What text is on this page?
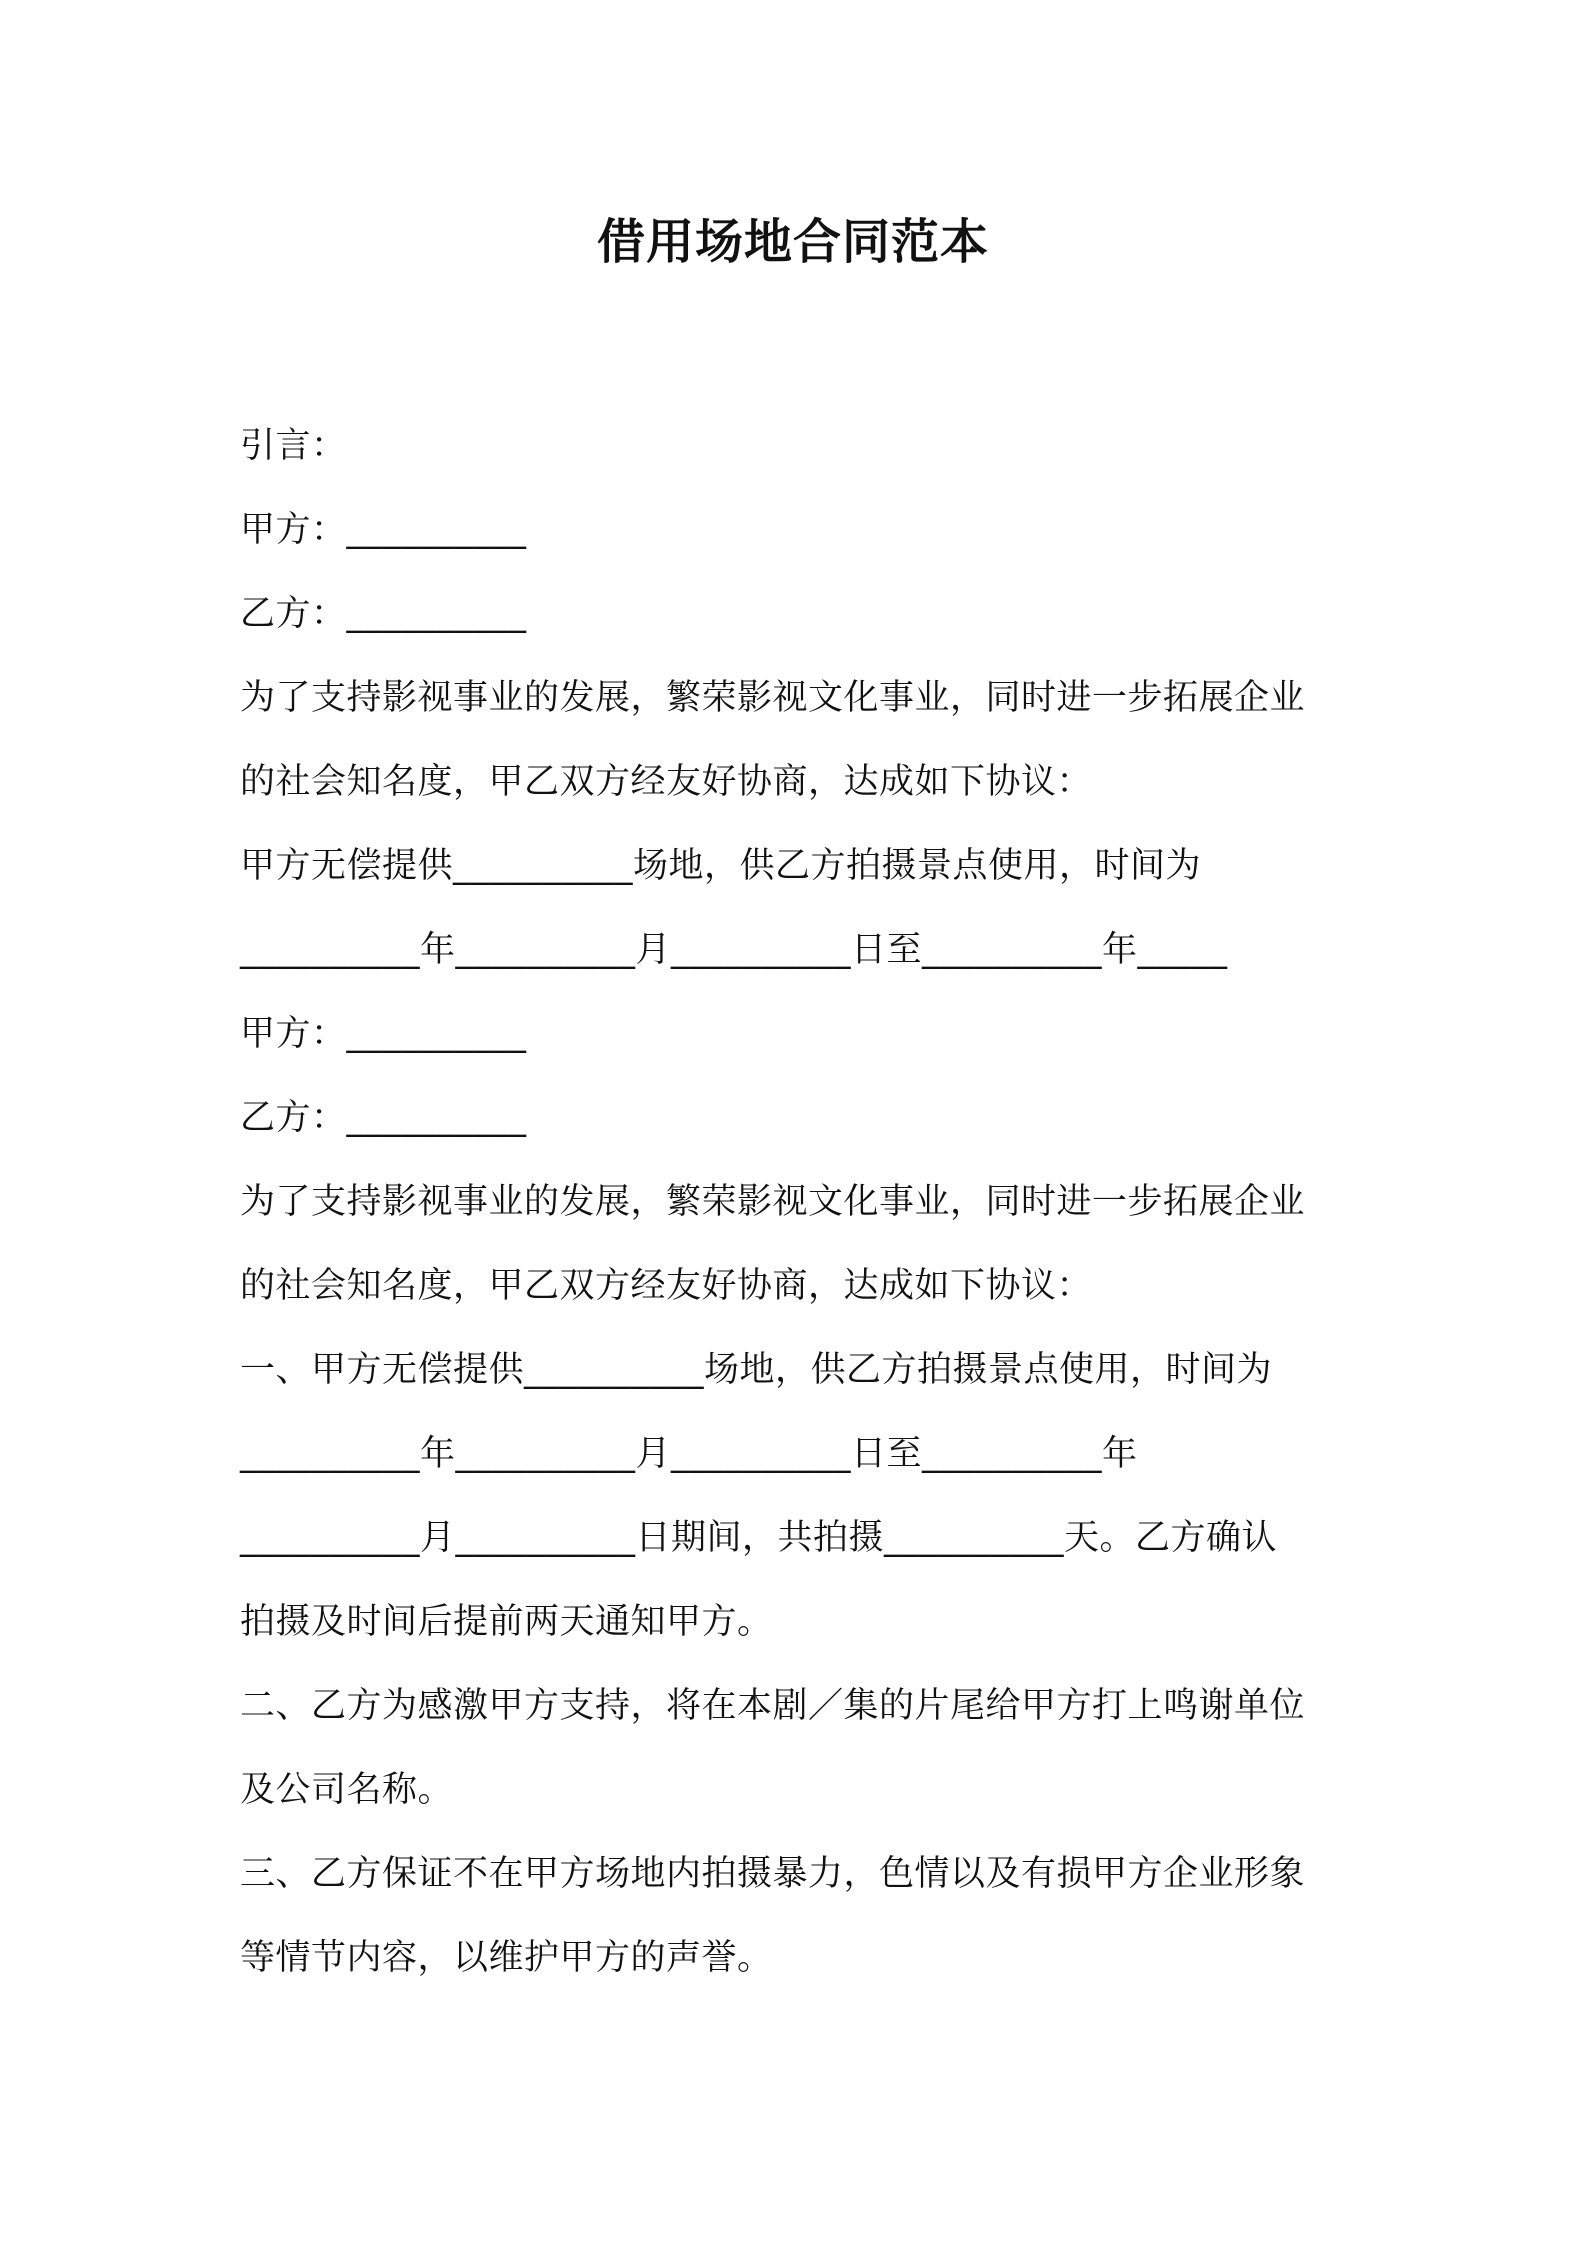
借用场地合同范本
引言：
甲方：__________
乙方：__________
为了支持影视事业的发展，繁荣影视文化事业，同时进一步拓展企业
的社会知名度，甲乙双方经友好协商，达成如下协议：
甲方无偿提供__________场地，供乙方拍摄景点使用，时间为
__________年__________月__________日至__________年_____
甲方：__________
乙方：__________
为了支持影视事业的发展，繁荣影视文化事业，同时进一步拓展企业
的社会知名度，甲乙双方经友好协商，达成如下协议：
一、甲方无偿提供__________场地，供乙方拍摄景点使用，时间为
__________年__________月__________日至__________年
__________月__________日期间，共拍摄__________天。乙方确认
拍摄及时间后提前两天通知甲方。
二、乙方为感激甲方支持，将在本剧／集的片尾给甲方打上鸣谢单位
及公司名称。
三、乙方保证不在甲方场地内拍摄暴力，色情以及有损甲方企业形象
等情节内容，以维护甲方的声誉。
